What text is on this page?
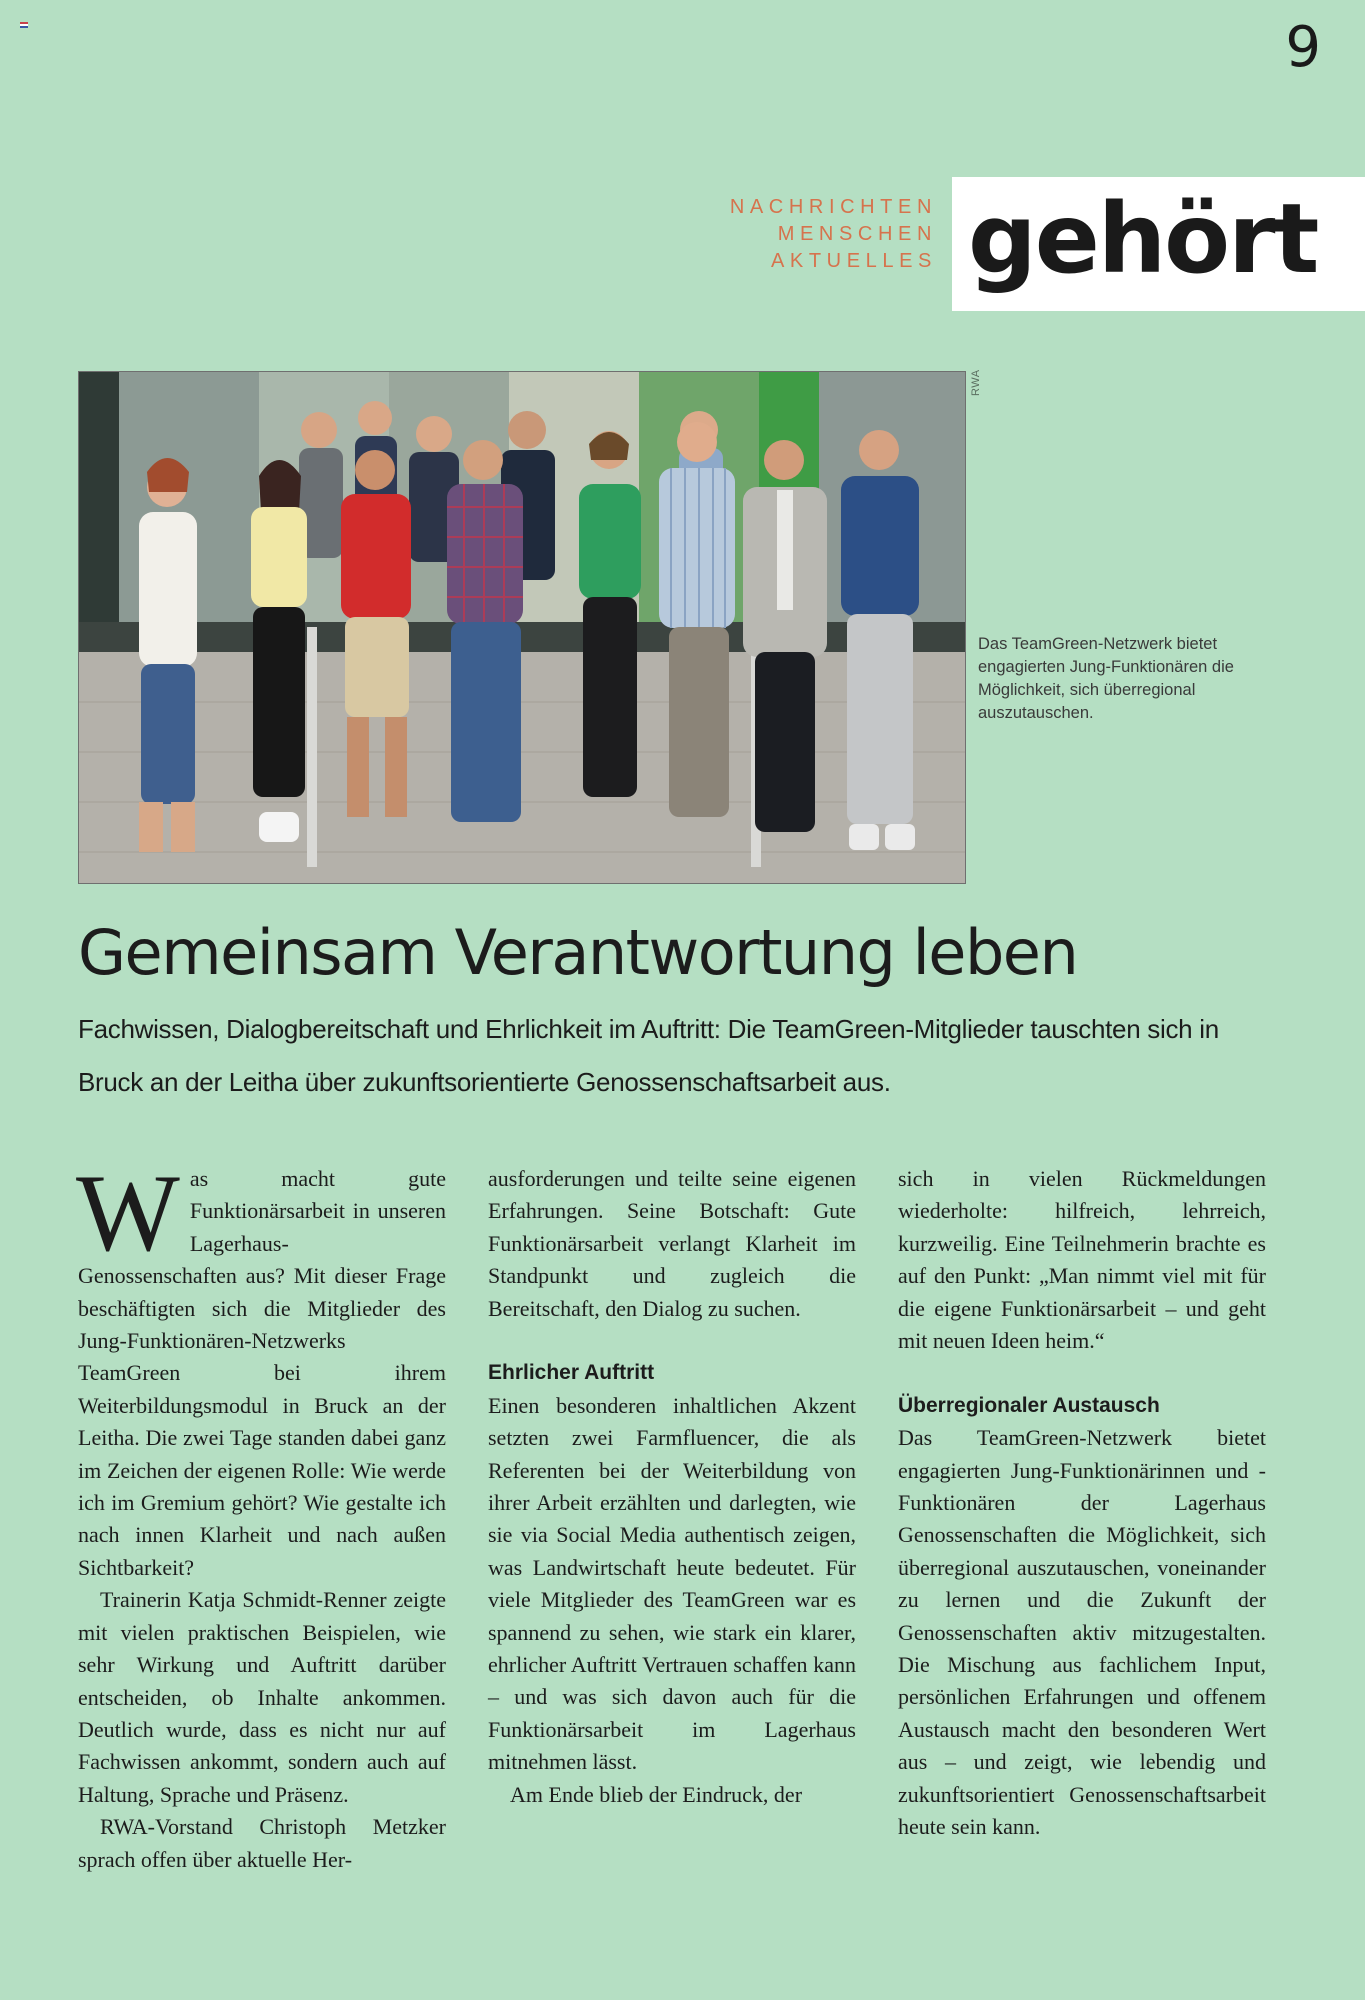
9
NACHRICHTEN
MENSCHEN
AKTUELLES gehört
RWA
Das TeamGreen-Netzwerk bietet engagierten Jung-Funktionären die Möglichkeit, sich überregional auszutauschen.
Gemeinsam Verantwortung leben

Fachwissen, Dialogbereitschaft und Ehrlichkeit im Auftritt: Die TeamGreen-Mitglieder tauschten sich in Bruck an der Leitha über zukunftsorientierte Genossenschaftsarbeit aus.

Was macht gute Funktionärsarbeit in unseren Lagerhaus-Genossenschaften aus? Mit dieser Frage beschäftigten sich die Mitglieder des Jung-Funktionären-Netzwerks TeamGreen bei ihrem Weiterbildungsmodul in Bruck an der Leitha. Die zwei Tage standen dabei ganz im Zeichen der eigenen Rolle: Wie werde ich im Gremium gehört? Wie gestalte ich nach innen Klarheit und nach außen Sichtbarkeit?

Trainerin Katja Schmidt-Renner zeigte mit vielen praktischen Beispielen, wie sehr Wirkung und Auftritt darüber entscheiden, ob Inhalte ankommen. Deutlich wurde, dass es nicht nur auf Fachwissen ankommt, sondern auch auf Haltung, Sprache und Präsenz.

RWA-Vorstand Christoph Metzker sprach offen über aktuelle Her-

ausforderungen und teilte seine eigenen Erfahrungen. Seine Botschaft: Gute Funktionärsarbeit verlangt Klarheit im Standpunkt und zugleich die Bereitschaft, den Dialog zu suchen.

Ehrlicher Auftritt

Einen besonderen inhaltlichen Akzent setzten zwei Farmfluencer, die als Referenten bei der Weiterbildung von ihrer Arbeit erzählten und darlegten, wie sie via Social Media authentisch zeigen, was Landwirtschaft heute bedeutet. Für viele Mitglieder des TeamGreen war es spannend zu sehen, wie stark ein klarer, ehrlicher Auftritt Vertrauen schaffen kann – und was sich davon auch für die Funktionärsarbeit im Lagerhaus mitnehmen lässt.

Am Ende blieb der Eindruck, der

sich in vielen Rückmeldungen wiederholte: hilfreich, lehrreich, kurzweilig. Eine Teilnehmerin brachte es auf den Punkt: „Man nimmt viel mit für die eigene Funktionärsarbeit – und geht mit neuen Ideen heim.“

Überregionaler Austausch

Das TeamGreen-Netzwerk bietet engagierten Jung-Funktionärinnen und -Funktionären der Lagerhaus Genossenschaften die Möglichkeit, sich überregional auszutauschen, voneinander zu lernen und die Zukunft der Genossenschaften aktiv mitzugestalten. Die Mischung aus fachlichem Input, persönlichen Erfahrungen und offenem Austausch macht den besonderen Wert aus – und zeigt, wie lebendig und zukunftsorientiert Genossenschaftsarbeit heute sein kann.
